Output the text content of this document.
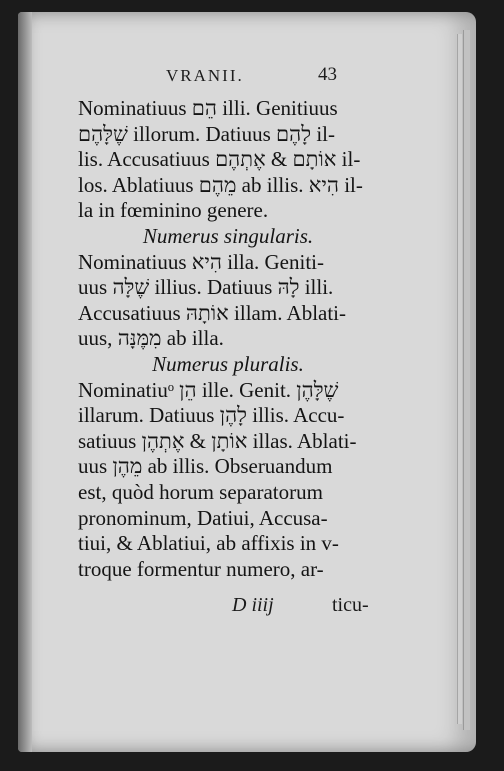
VRANII.	43
Nominatiuus הֵם illi. Genitiuus
שֶׁלָּהֶם illorum. Datiuus לָהֶם il-
lis. Accusatiuus אוֹתָם & אֶתְהֶם il-
los. Ablatiuus מֵהֶם ab illis. הִיא il-
la in fœminino genere.
Numerus singularis.
Nominatiuus הִיא illa. Geniti-
uus שֶׁלָּה illius. Datiuus לָהּ illi.
Accusatiuus אוֹתָהּ illam. Ablati-
uus, מִמֶּנָּה ab illa.
Numerus pluralis.
Nominatiuᵒ הֵן ille. Genit. שֶׁלָּהֶן
illarum. Datiuus לָהֶן illis. Accu-
satiuus אוֹתָן & אֶתְהֶן illas. Ablati-
uus מֵהֶן ab illis. Obseruandum
est, quòd horum separatorum
pronominum, Datiui, Accusa-
tiui, & Ablatiui, ab affixis in v-
troque formentur numero, ar-
D iiij	ticu-
